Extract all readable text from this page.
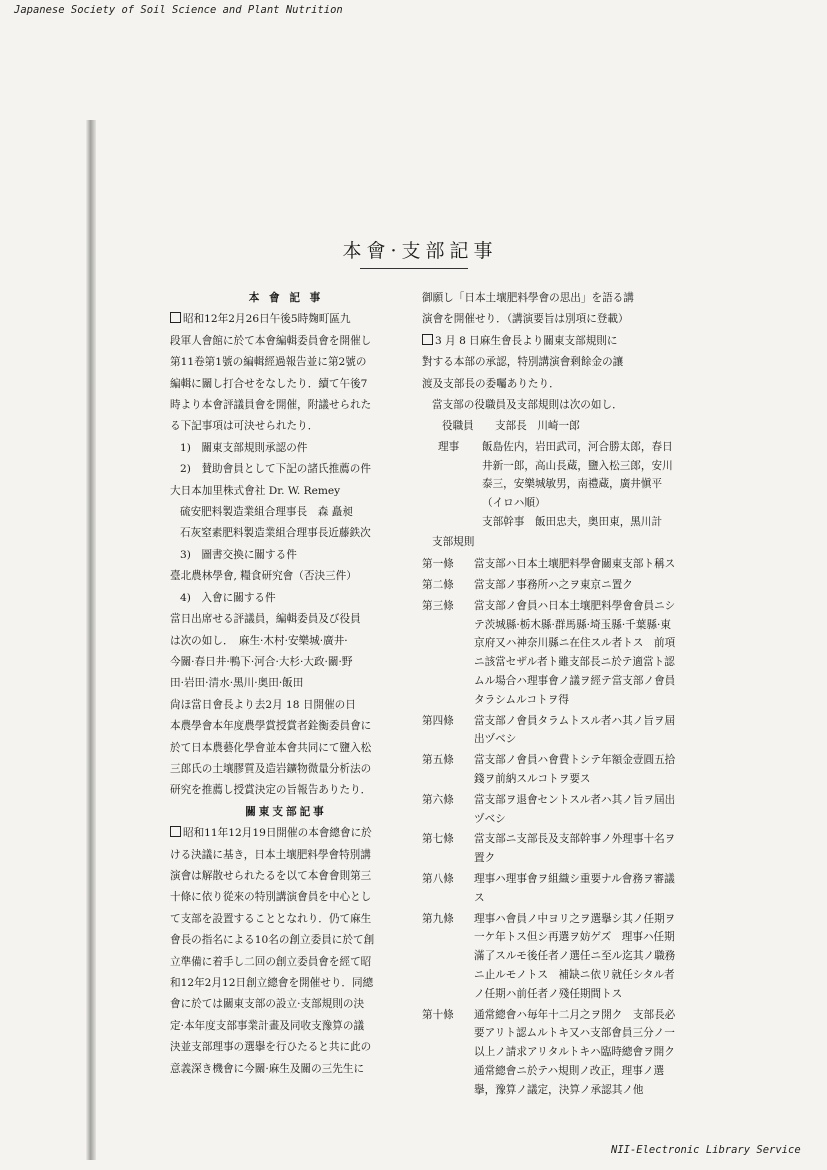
Japanese Society of Soil Science and Plant Nutrition
本會·支部記事

本 會 記 事

昭和12年2月26日午後5時麹町區九

段軍人會館に於て本會編輯委員會を開催し

第11卷第1號の編輯經過報告並に第2號の

編輯に關し打合せをなしたり．續て午後7

時より本會評議員會を開催，附議せられた

る下記事項は可決せられたり．

1)　關東支部規則承認の件

2)　賛助會員として下記の諸氏推薦の件

大日本加里株式會社 Dr. W. Remey

硫安肥料製造業組合理事長　森 矗昶

石灰窒素肥料製造業組合理事長近藤鉄次

3)　圖書交換に關する件

臺北農林學會, 糧食研究會（否決三件）

4)　入會に關する件

當日出席せる評議員，編輯委員及び役員

は次の如し．　麻生·木村·安樂城·廣井·

今關·春日井·鴨下·河合·大杉·大政·關·野

田·岩田·清水·黑川·奥田·飯田

尙ほ當日會長より去2月 18 日開催の日

本農學會本年度農學賞授賞者銓衡委員會に

於て日本農藝化學會並本會共同にて鹽入松

三郎氏の土壤膠質及造岩鑛物微量分析法の

研究を推薦し授賞決定の旨報告ありたり．

關東支部記事

昭和11年12月19日開催の本會總會に於

ける決議に基き，日本土壤肥料學會特別講

演會は解散せられたるを以て本會會則第三

十條に依り從來の特別講演會員を中心とし

て支部を設置することとなれり．仍て麻生

會長の指名による10名の創立委員に於て創

立準備に着手し二回の創立委員會を經て昭

和12年2月12日創立總會を開催せり．同總

會に於ては關東支部の設立·支部規則の決

定·本年度支部事業計畫及同收支豫算の議

決並支部理事の選擧を行ひたると共に此の

意義深き機會に今關·麻生及關の三先生に

御願し「日本土壤肥料學會の思出」を語る講

演會を開催せり．（講演要旨は別項に登載）

3 月 8 日麻生會長より關東支部規則に

對する本部の承認，特別講演會剩餘金の讓

渡及支部長の委囑ありたり．

當支部の役職員及支部規則は次の如し．

役職員　　支部長　川崎一郎

理事	飯島佐内，岩田武司，河合勝太郎，春日井新一郎，高山長蔵，鹽入松三郎，安川泰三，安樂城敏男，南禮蔵，廣井愼平（イロハ順）
支部幹事　飯田忠夫，奥田東，黑川計

支部規則

第一條	當支部ハ日本土壤肥料學會關東支部ト稱ス
第二條	當支部ノ事務所ハ之ヲ東京ニ置ク
第三條	當支部ノ會員ハ日本土壤肥料學會會員ニシテ茨城縣·栃木縣·群馬縣·埼玉縣·千葉縣·東京府又ハ神奈川縣ニ在住スル者トス　前項ニ該當セザル者ト雖支部長ニ於テ適當ト認ムル場合ハ理事會ノ議ヲ經テ當支部ノ會員タラシムルコトヲ得
第四條	當支部ノ會員タラムトスル者ハ其ノ旨ヲ屆出ヅベシ
第五條	當支部ノ會員ハ會費トシテ年額金壹圓五拾錢ヲ前納スルコトヲ要ス
第六條	當支部ヲ退會セントスル者ハ其ノ旨ヲ屆出ヅベシ
第七條	當支部ニ支部長及支部幹事ノ外理事十名ヲ置ク
第八條	理事ハ理事會ヲ組織シ重要ナル會務ヲ審議ス
第九條	理事ハ會員ノ中ヨリ之ヲ選擧シ其ノ任期ヲ一ケ年トス但シ再選ヲ妨ゲズ　理事ハ任期滿了スルモ後任者ノ選任ニ至ル迄其ノ職務ニ止ルモノトス　補缺ニ依リ就任シタル者ノ任期ハ前任者ノ殘任期間トス
第十條	通常總會ハ毎年十二月之ヲ開ク　支部長必要アリト認ムルトキ又ハ支部會員三分ノ一以上ノ請求アリタルトキハ臨時總會ヲ開ク　通常總會ニ於テハ規則ノ改正，理事ノ選擧，豫算ノ議定，決算ノ承認其ノ他
NII-Electronic Library Service
